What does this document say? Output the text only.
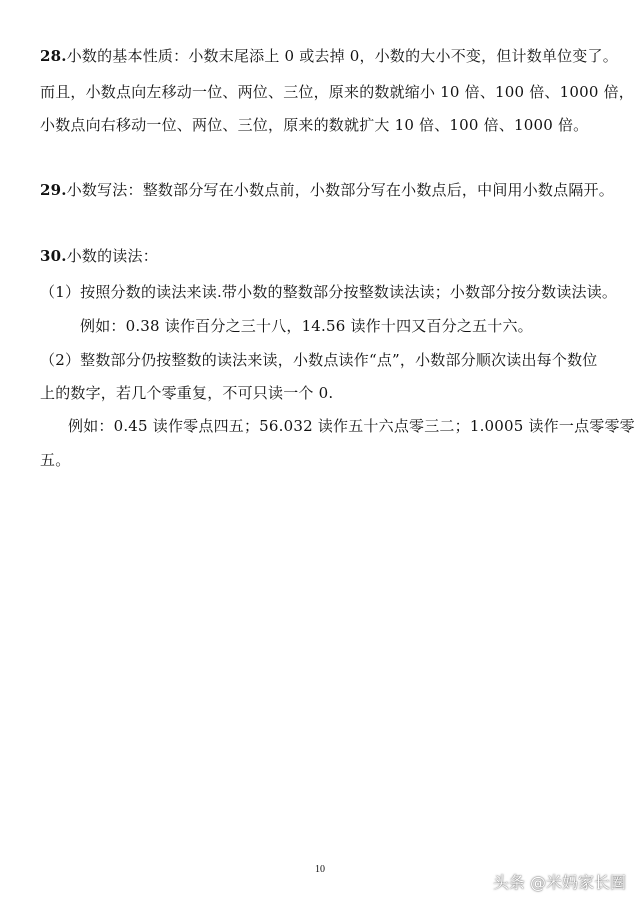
28.小数的基本性质：小数末尾添上 0 或去掉 0，小数的大小不变，但计数单位变了。
而且，小数点向左移动一位、两位、三位，原来的数就缩小 10 倍、100 倍、1000 倍，
小数点向右移动一位、两位、三位，原来的数就扩大 10 倍、100 倍、1000 倍。
29.小数写法：整数部分写在小数点前，小数部分写在小数点后，中间用小数点隔开。
30.小数的读法：
（1）按照分数的读法来读.带小数的整数部分按整数读法读；小数部分按分数读法读。
例如：0.38 读作百分之三十八，14.56 读作十四又百分之五十六。
（2）整数部分仍按整数的读法来读，小数点读作“点”，小数部分顺次读出每个数位
上的数字，若几个零重复，不可只读一个 0.
例如：0.45 读作零点四五；56.032 读作五十六点零三二；1.0005 读作一点零零零
五。
10
头条 @米妈家长圈
